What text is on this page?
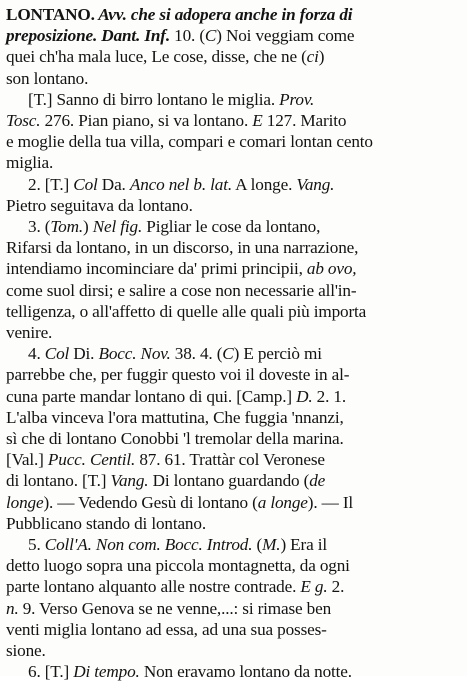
LONTANO. Avv. che si adopera anche in forza di
preposizione. Dant. Inf. 10. (C) Noi veggiam come
quei ch'ha mala luce, Le cose, disse, che ne (ci)
son lontano.
[T.] Sanno di birro lontano le miglia. Prov.
Tosc. 276. Pian piano, si va lontano. E 127. Marito
e moglie della tua villa, compari e comari lontan cento
miglia.
2. [T.] Col Da. Anco nel b. lat. A longe. Vang.
Pietro seguitava da lontano.
3. (Tom.) Nel fig. Pigliar le cose da lontano,
Rifarsi da lontano, in un discorso, in una narrazione,
intendiamo incominciare da' primi principii, ab ovo,
come suol dirsi; e salire a cose non necessarie all'in-
telligenza, o all'affetto di quelle alle quali più importa
venire.
4. Col Di. Bocc. Nov. 38. 4. (C) E perciò mi
parrebbe che, per fuggir questo voi il doveste in al-
cuna parte mandar lontano di qui. [Camp.] D. 2. 1.
L'alba vinceva l'ora mattutina, Che fuggia 'nnanzi,
sì che di lontano Conobbi 'l tremolar della marina.
[Val.] Pucc. Centil. 87. 61. Trattàr col Veronese
di lontano. [T.] Vang. Di lontano guardando (de
longe). — Vedendo Gesù di lontano (a longe). — Il
Pubblicano stando di lontano.
5. Coll'A. Non com. Bocc. Introd. (M.) Era il
detto luogo sopra una piccola montagnetta, da ogni
parte lontano alquanto alle nostre contrade. E g. 2.
n. 9. Verso Genova se ne venne,...: si rimase ben
venti miglia lontano ad essa, ad una sua posses-
sione.
6. [T.] Di tempo. Non eravamo lontano da notte.
